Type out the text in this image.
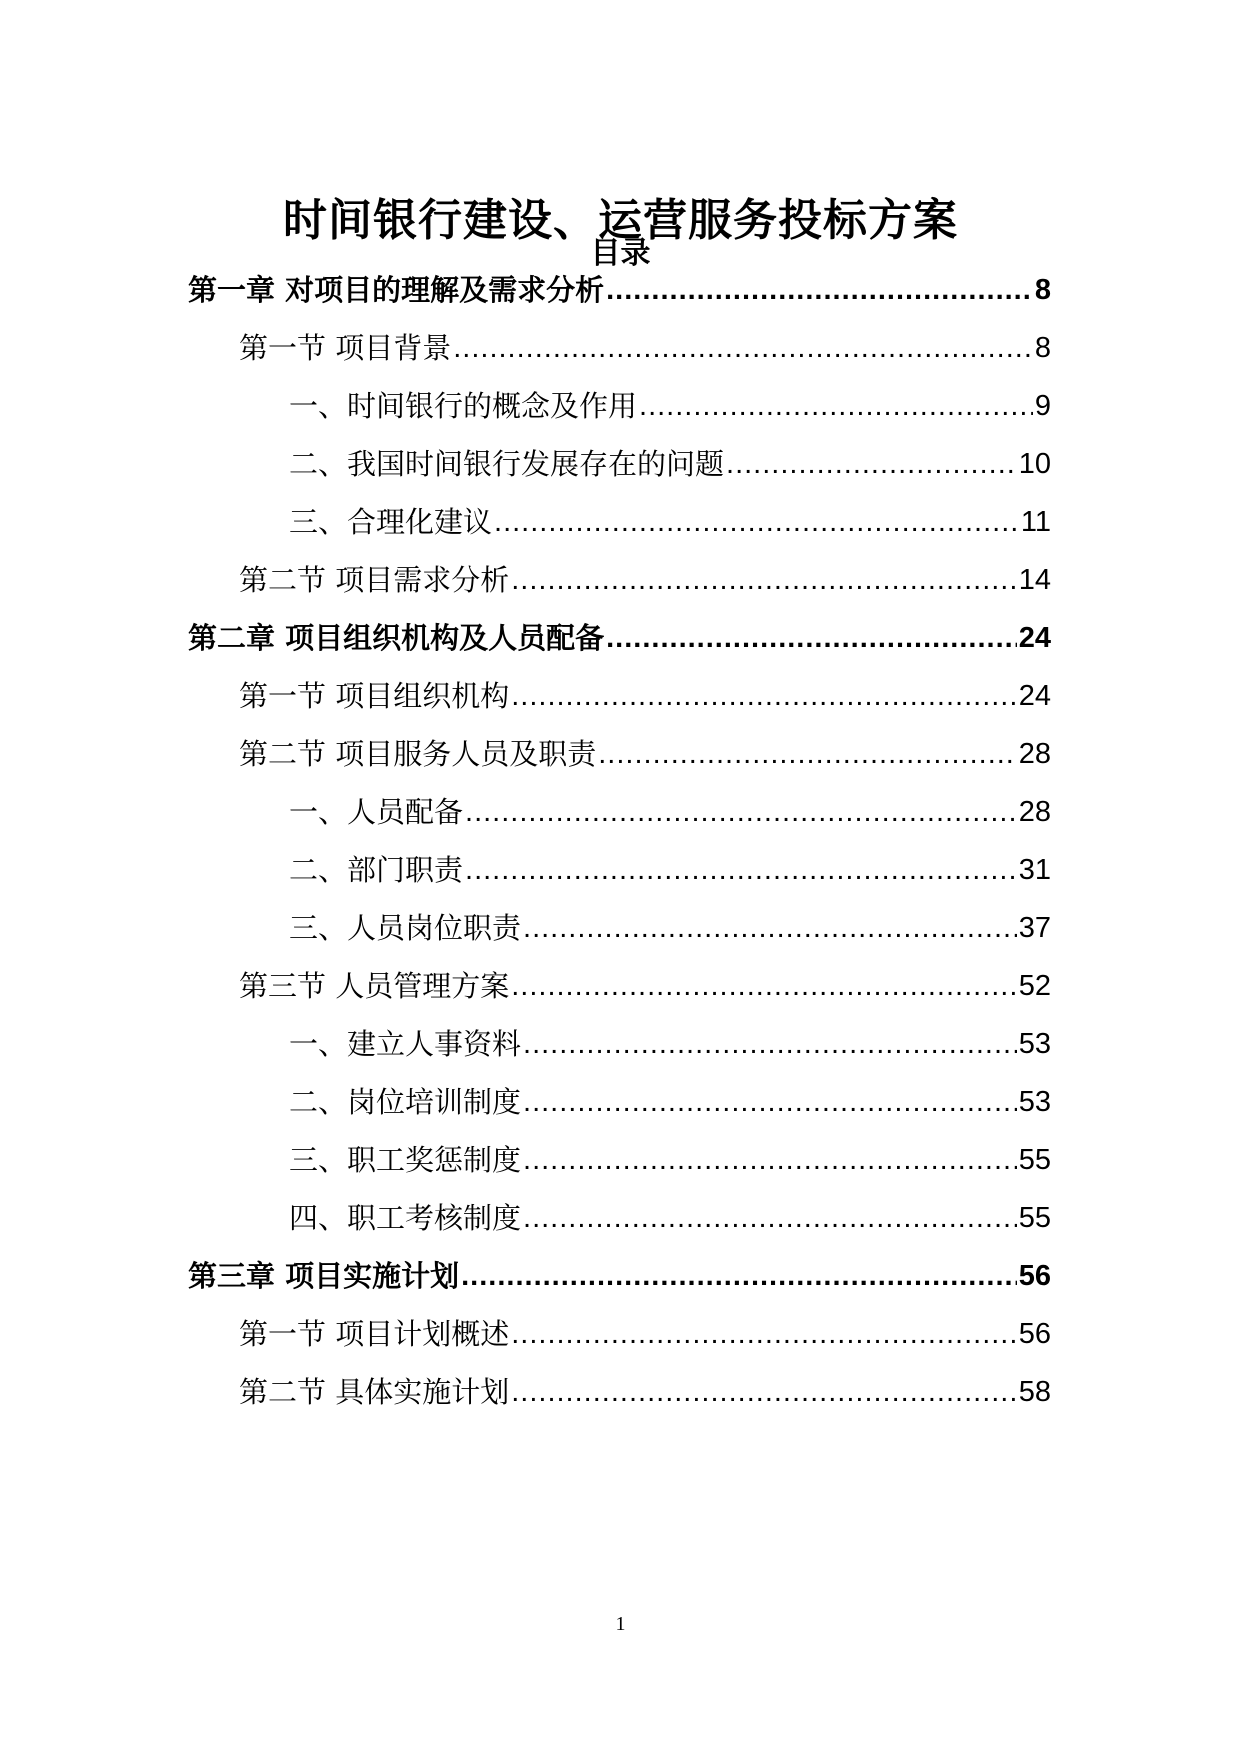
时间银行建设、运营服务投标方案
目录
第一章 对项目的理解及需求分析 .....	8
第一节 项目背景 .....	8
一、时间银行的概念及作用 .....	9
二、我国时间银行发展存在的问题 .....	10
三、合理化建议 .....	11
第二节 项目需求分析 .....	14
第二章 项目组织机构及人员配备 .....	24
第一节 项目组织机构 .....	24
第二节 项目服务人员及职责 .....	28
一、人员配备 .....	28
二、部门职责 .....	31
三、人员岗位职责 .....	37
第三节 人员管理方案 .....	52
一、建立人事资料 .....	53
二、岗位培训制度 .....	53
三、职工奖惩制度 .....	55
四、职工考核制度 .....	55
第三章 项目实施计划 .....	56
第一节 项目计划概述 .....	56
第二节 具体实施计划 .....	58
1
